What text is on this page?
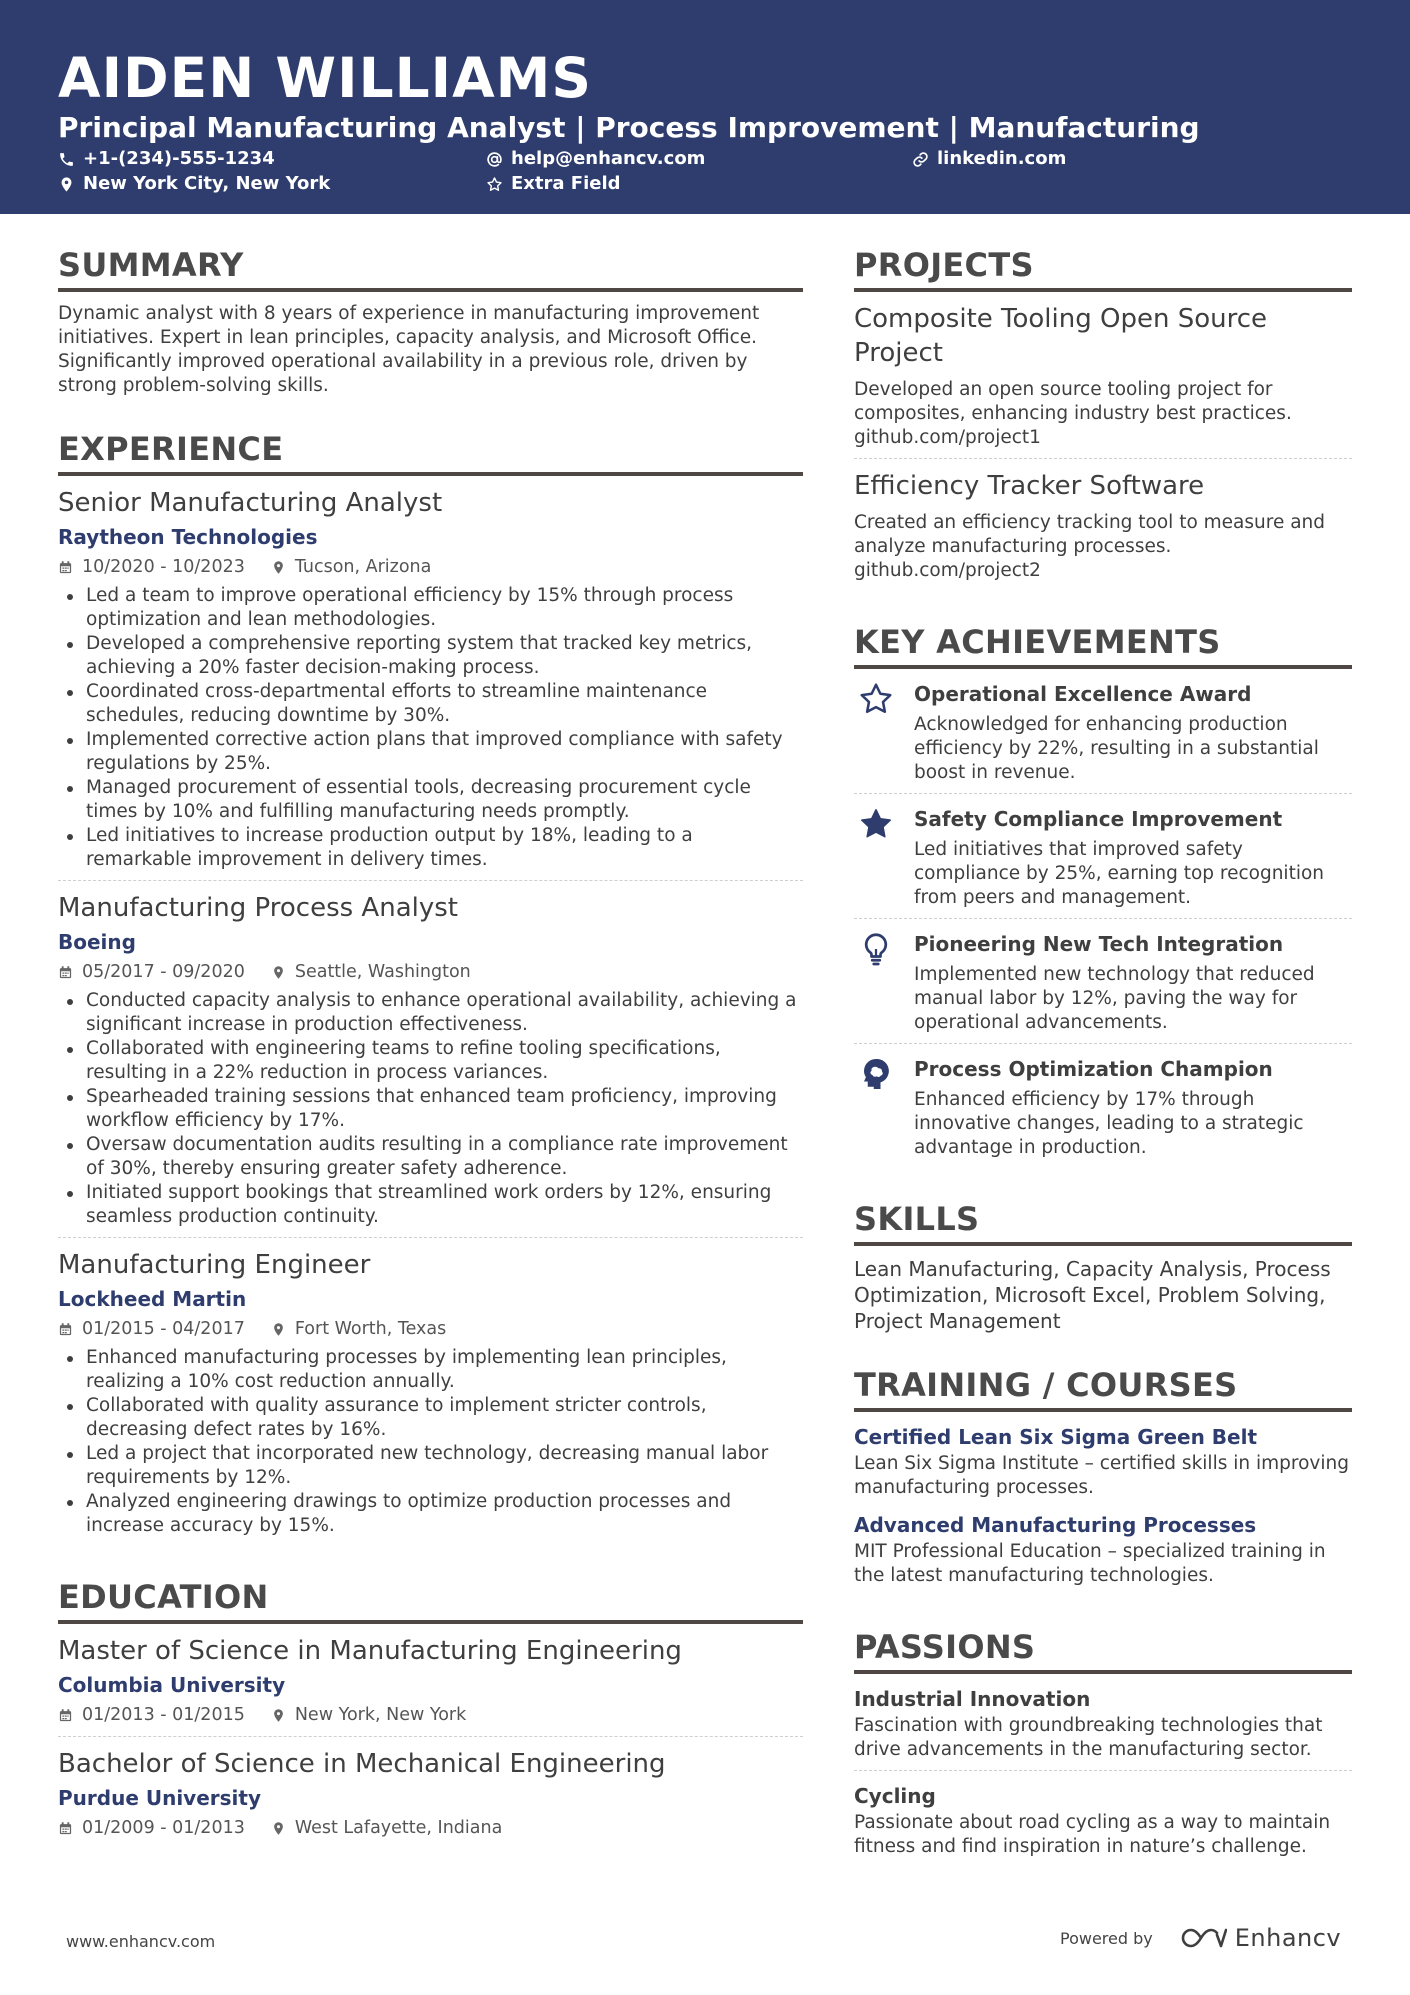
AIDEN WILLIAMS
Principal Manufacturing Analyst | Process Improvement | Manufacturing
+1-(234)-555-1234	help@enhancv.com	linkedin.com
New York City, New York	Extra Field
SUMMARY
Dynamic analyst with 8 years of experience in manufacturing improvement initiatives. Expert in lean principles, capacity analysis, and Microsoft Office. Significantly improved operational availability in a previous role, driven by strong problem-solving skills.
EXPERIENCE
Senior Manufacturing Analyst
Raytheon Technologies
10/2020 - 10/2023	Tucson, Arizona
Led a team to improve operational efficiency by 15% through process optimization and lean methodologies.
Developed a comprehensive reporting system that tracked key metrics, achieving a 20% faster decision-making process.
Coordinated cross-departmental efforts to streamline maintenance schedules, reducing downtime by 30%.
Implemented corrective action plans that improved compliance with safety regulations by 25%.
Managed procurement of essential tools, decreasing procurement cycle times by 10% and fulfilling manufacturing needs promptly.
Led initiatives to increase production output by 18%, leading to a remarkable improvement in delivery times.
Manufacturing Process Analyst
Boeing
05/2017 - 09/2020	Seattle, Washington
Conducted capacity analysis to enhance operational availability, achieving a significant increase in production effectiveness.
Collaborated with engineering teams to refine tooling specifications, resulting in a 22% reduction in process variances.
Spearheaded training sessions that enhanced team proficiency, improving workflow efficiency by 17%.
Oversaw documentation audits resulting in a compliance rate improvement of 30%, thereby ensuring greater safety adherence.
Initiated support bookings that streamlined work orders by 12%, ensuring seamless production continuity.
Manufacturing Engineer
Lockheed Martin
01/2015 - 04/2017	Fort Worth, Texas
Enhanced manufacturing processes by implementing lean principles, realizing a 10% cost reduction annually.
Collaborated with quality assurance to implement stricter controls, decreasing defect rates by 16%.
Led a project that incorporated new technology, decreasing manual labor requirements by 12%.
Analyzed engineering drawings to optimize production processes and increase accuracy by 15%.
EDUCATION
Master of Science in Manufacturing Engineering
Columbia University
01/2013 - 01/2015	New York, New York
Bachelor of Science in Mechanical Engineering
Purdue University
01/2009 - 01/2013	West Lafayette, Indiana
PROJECTS
Composite Tooling Open Source Project
Developed an open source tooling project for composites, enhancing industry best practices.
github.com/project1
Efficiency Tracker Software
Created an efficiency tracking tool to measure and analyze manufacturing processes.
github.com/project2
KEY ACHIEVEMENTS
Operational Excellence Award
Acknowledged for enhancing production efficiency by 22%, resulting in a substantial boost in revenue.
Safety Compliance Improvement
Led initiatives that improved safety compliance by 25%, earning top recognition from peers and management.
Pioneering New Tech Integration
Implemented new technology that reduced manual labor by 12%, paving the way for operational advancements.
Process Optimization Champion
Enhanced efficiency by 17% through innovative changes, leading to a strategic advantage in production.
SKILLS
Lean Manufacturing, Capacity Analysis, Process Optimization, Microsoft Excel, Problem Solving, Project Management
TRAINING / COURSES
Certified Lean Six Sigma Green Belt
Lean Six Sigma Institute – certified skills in improving manufacturing processes.
Advanced Manufacturing Processes
MIT Professional Education – specialized training in the latest manufacturing technologies.
PASSIONS
Industrial Innovation
Fascination with groundbreaking technologies that drive advancements in the manufacturing sector.
Cycling
Passionate about road cycling as a way to maintain fitness and find inspiration in nature’s challenge.
www.enhancv.com	Powered by	Enhancv
